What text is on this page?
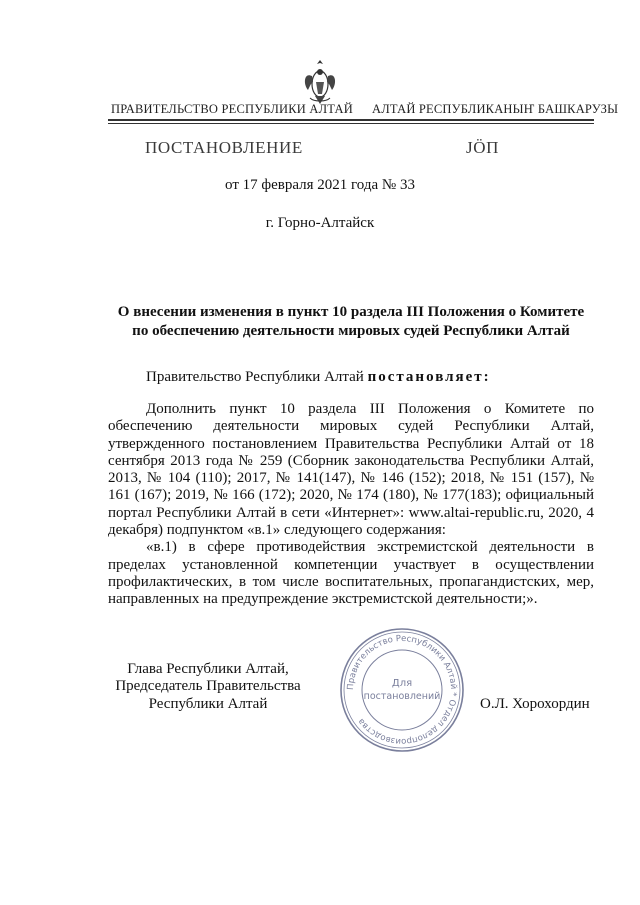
ПРАВИТЕЛЬСТВО РЕСПУБЛИКИ АЛТАЙ АЛТАЙ РЕСПУБЛИКАНЫҤ БАШКАРУЗЫ
ПОСТАНОВЛЕНИЕ	ЈӦП
от 17 февраля 2021 года № 33
г. Горно-Алтайск
О внесении изменения в пункт 10 раздела III Положения о Комитете
по обеспечению деятельности мировых судей Республики Алтай
Правительство Республики Алтай постановляет:

Дополнить пункт 10 раздела III Положения о Комитете по обеспечению деятельности мировых судей Республики Алтай, утвержденного постановлением Правительства Республики Алтай от 18 сентября 2013 года № 259 (Сборник законодательства Республики Алтай, 2013, № 104 (110); 2017, № 141(147), № 146 (152); 2018, № 151 (157), № 161 (167); 2019, № 166 (172); 2020, № 174 (180), № 177(183); официальный портал Республики Алтай в сети «Интернет»: www.altai-republic.ru, 2020, 4 декабря) подпунктом «в.1» следующего содержания:

«в.1) в сфере противодействия экстремистской деятельности в пределах установленной компетенции участвует в осуществлении профилактических, в том числе воспитательных, пропагандистских, мер, направленных на предупреждение экстремистской деятельности;».

Глава Республики Алтай,
Председатель Правительства
Республики Алтай	О.Л. Хорохордин
Правительство Республики Алтай * Отдел делопроизводства
Для
постановлений
